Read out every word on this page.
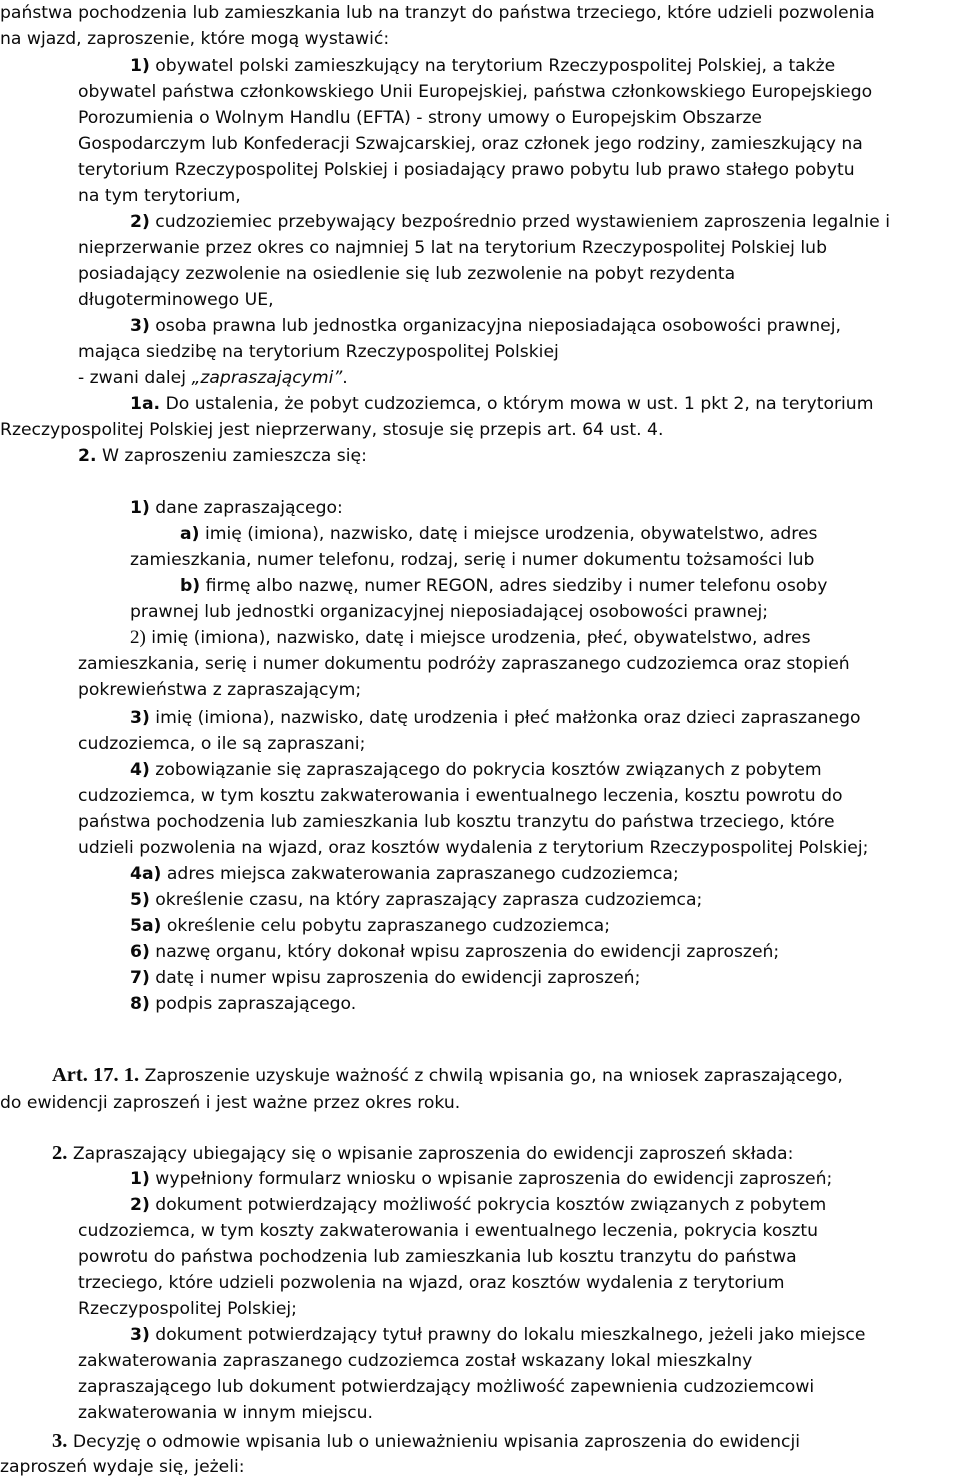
państwa pochodzenia lub zamieszkania lub na tranzyt do państwa trzeciego, które udzieli pozwolenia
na wjazd, zaproszenie, które mogą wystawić:
1) obywatel polski zamieszkujący na terytorium Rzeczypospolitej Polskiej, a także
obywatel państwa członkowskiego Unii Europejskiej, państwa członkowskiego Europejskiego
Porozumienia o Wolnym Handlu (EFTA) - strony umowy o Europejskim Obszarze
Gospodarczym lub Konfederacji Szwajcarskiej, oraz członek jego rodziny, zamieszkujący na
terytorium Rzeczypospolitej Polskiej i posiadający prawo pobytu lub prawo stałego pobytu
na tym terytorium,
2) cudzoziemiec przebywający bezpośrednio przed wystawieniem zaproszenia legalnie i
nieprzerwanie przez okres co najmniej 5 lat na terytorium Rzeczypospolitej Polskiej lub
posiadający zezwolenie na osiedlenie się lub zezwolenie na pobyt rezydenta
długoterminowego UE,
3) osoba prawna lub jednostka organizacyjna nieposiadająca osobowości prawnej,
mająca siedzibę na terytorium Rzeczypospolitej Polskiej
- zwani dalej „zapraszającymi”.
1a. Do ustalenia, że pobyt cudzoziemca, o którym mowa w ust. 1 pkt 2, na terytorium
Rzeczypospolitej Polskiej jest nieprzerwany, stosuje się przepis art. 64 ust. 4.
2. W zaproszeniu zamieszcza się:
1) dane zapraszającego:
a) imię (imiona), nazwisko, datę i miejsce urodzenia, obywatelstwo, adres
zamieszkania, numer telefonu, rodzaj, serię i numer dokumentu tożsamości lub
b) firmę albo nazwę, numer REGON, adres siedziby i numer telefonu osoby
prawnej lub jednostki organizacyjnej nieposiadającej osobowości prawnej;
2) imię (imiona), nazwisko, datę i miejsce urodzenia, płeć, obywatelstwo, adres
zamieszkania, serię i numer dokumentu podróży zapraszanego cudzoziemca oraz stopień
pokrewieństwa z zapraszającym;
3) imię (imiona), nazwisko, datę urodzenia i płeć małżonka oraz dzieci zapraszanego
cudzoziemca, o ile są zapraszani;
4) zobowiązanie się zapraszającego do pokrycia kosztów związanych z pobytem
cudzoziemca, w tym kosztu zakwaterowania i ewentualnego leczenia, kosztu powrotu do
państwa pochodzenia lub zamieszkania lub kosztu tranzytu do państwa trzeciego, które
udzieli pozwolenia na wjazd, oraz kosztów wydalenia z terytorium Rzeczypospolitej Polskiej;
4a) adres miejsca zakwaterowania zapraszanego cudzoziemca;
5) określenie czasu, na który zapraszający zaprasza cudzoziemca;
5a) określenie celu pobytu zapraszanego cudzoziemca;
6) nazwę organu, który dokonał wpisu zaproszenia do ewidencji zaproszeń;
7) datę i numer wpisu zaproszenia do ewidencji zaproszeń;
8) podpis zapraszającego.
Art. 17. 1. Zaproszenie uzyskuje ważność z chwilą wpisania go, na wniosek zapraszającego,
do ewidencji zaproszeń i jest ważne przez okres roku.
2. Zapraszający ubiegający się o wpisanie zaproszenia do ewidencji zaproszeń składa:
1) wypełniony formularz wniosku o wpisanie zaproszenia do ewidencji zaproszeń;
2) dokument potwierdzający możliwość pokrycia kosztów związanych z pobytem
cudzoziemca, w tym koszty zakwaterowania i ewentualnego leczenia, pokrycia kosztu
powrotu do państwa pochodzenia lub zamieszkania lub kosztu tranzytu do państwa
trzeciego, które udzieli pozwolenia na wjazd, oraz kosztów wydalenia z terytorium
Rzeczypospolitej Polskiej;
3) dokument potwierdzający tytuł prawny do lokalu mieszkalnego, jeżeli jako miejsce
zakwaterowania zapraszanego cudzoziemca został wskazany lokal mieszkalny
zapraszającego lub dokument potwierdzający możliwość zapewnienia cudzoziemcowi
zakwaterowania w innym miejscu.
3. Decyzję o odmowie wpisania lub o unieważnieniu wpisania zaproszenia do ewidencji
zaproszeń wydaje się, jeżeli:
